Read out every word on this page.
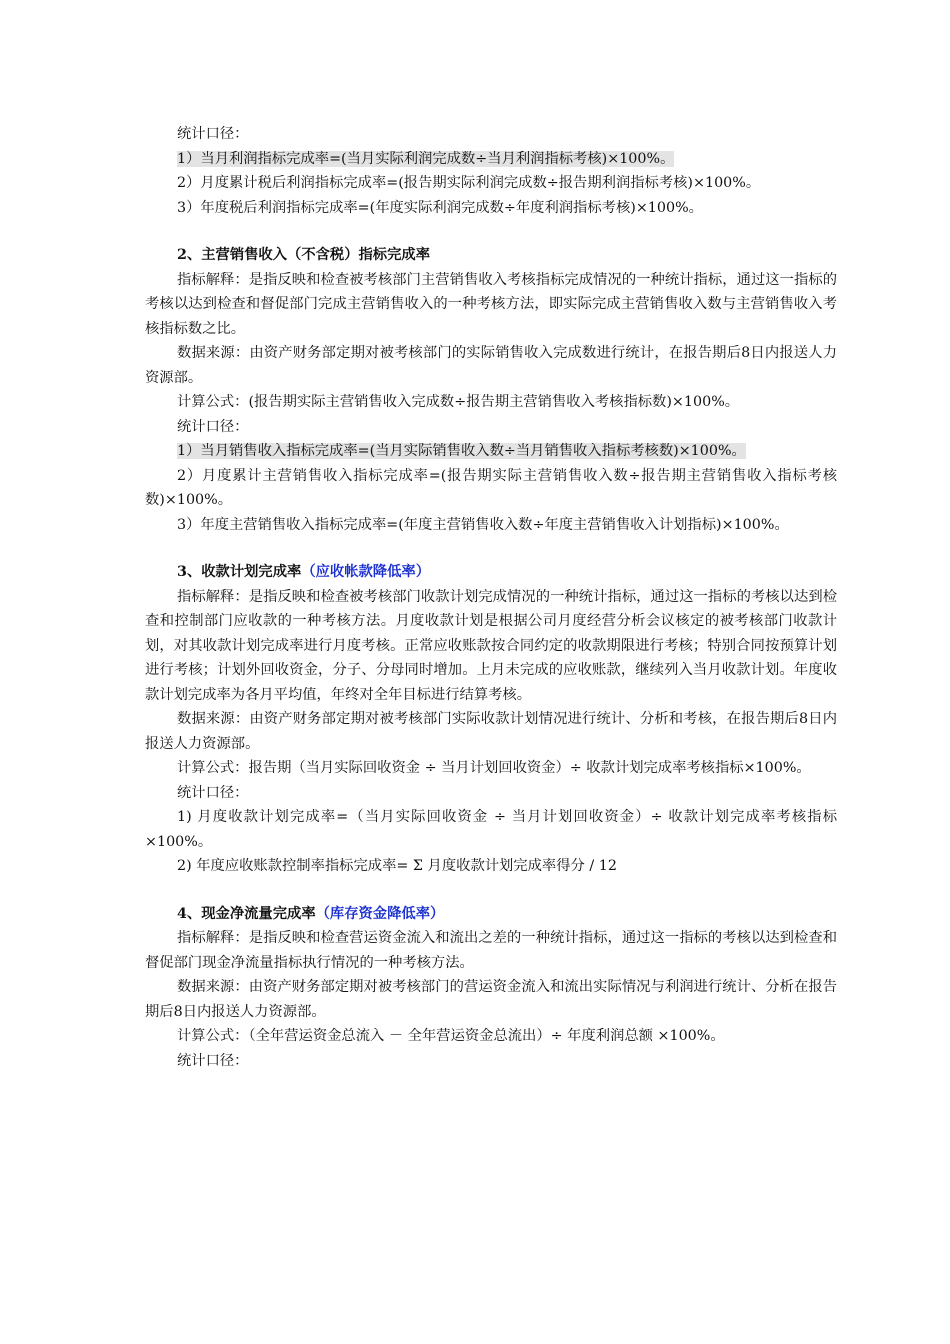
统计口径：

1）当月利润指标完成率=(当月实际利润完成数÷当月利润指标考核)×100%。

2）月度累计税后利润指标完成率=(报告期实际利润完成数÷报告期利润指标考核)×100%。

3）年度税后利润指标完成率=(年度实际利润完成数÷年度利润指标考核)×100%。

2、主营销售收入（不含税）指标完成率

指标解释：是指反映和检查被考核部门主营销售收入考核指标完成情况的一种统计指标，通过这一指标的考核以达到检查和督促部门完成主营销售收入的一种考核方法，即实际完成主营销售收入数与主营销售收入考核指标数之比。

数据来源：由资产财务部定期对被考核部门的实际销售收入完成数进行统计，在报告期后8日内报送人力资源部。

计算公式：(报告期实际主营销售收入完成数÷报告期主营销售收入考核指标数)×100%。

统计口径：

1）当月销售收入指标完成率=(当月实际销售收入数÷当月销售收入指标考核数)×100%。

2）月度累计主营销售收入指标完成率=(报告期实际主营销售收入数÷报告期主营销售收入指标考核数)×100%。

3）年度主营销售收入指标完成率=(年度主营销售收入数÷年度主营销售收入计划指标)×100%。

3、收款计划完成率（应收帐款降低率）

指标解释：是指反映和检查被考核部门收款计划完成情况的一种统计指标，通过这一指标的考核以达到检查和控制部门应收款的一种考核方法。月度收款计划是根据公司月度经营分析会议核定的被考核部门收款计划，对其收款计划完成率进行月度考核。正常应收账款按合同约定的收款期限进行考核；特别合同按预算计划进行考核；计划外回收资金，分子、分母同时增加。上月未完成的应收账款，继续列入当月收款计划。年度收款计划完成率为各月平均值，年终对全年目标进行结算考核。

数据来源：由资产财务部定期对被考核部门实际收款计划情况进行统计、分析和考核，在报告期后8日内报送人力资源部。

计算公式：报告期（当月实际回收资金 ÷ 当月计划回收资金）÷ 收款计划完成率考核指标×100%。

统计口径：

1) 月度收款计划完成率=（当月实际回收资金 ÷ 当月计划回收资金）÷ 收款计划完成率考核指标×100%。

2) 年度应收账款控制率指标完成率= Σ 月度收款计划完成率得分 / 12

4、现金净流量完成率（库存资金降低率）

指标解释：是指反映和检查营运资金流入和流出之差的一种统计指标，通过这一指标的考核以达到检查和督促部门现金净流量指标执行情况的一种考核方法。

数据来源：由资产财务部定期对被考核部门的营运资金流入和流出实际情况与利润进行统计、分析在报告期后8日内报送人力资源部。

计算公式：（全年营运资金总流入 － 全年营运资金总流出）÷ 年度利润总额 ×100%。

统计口径：
